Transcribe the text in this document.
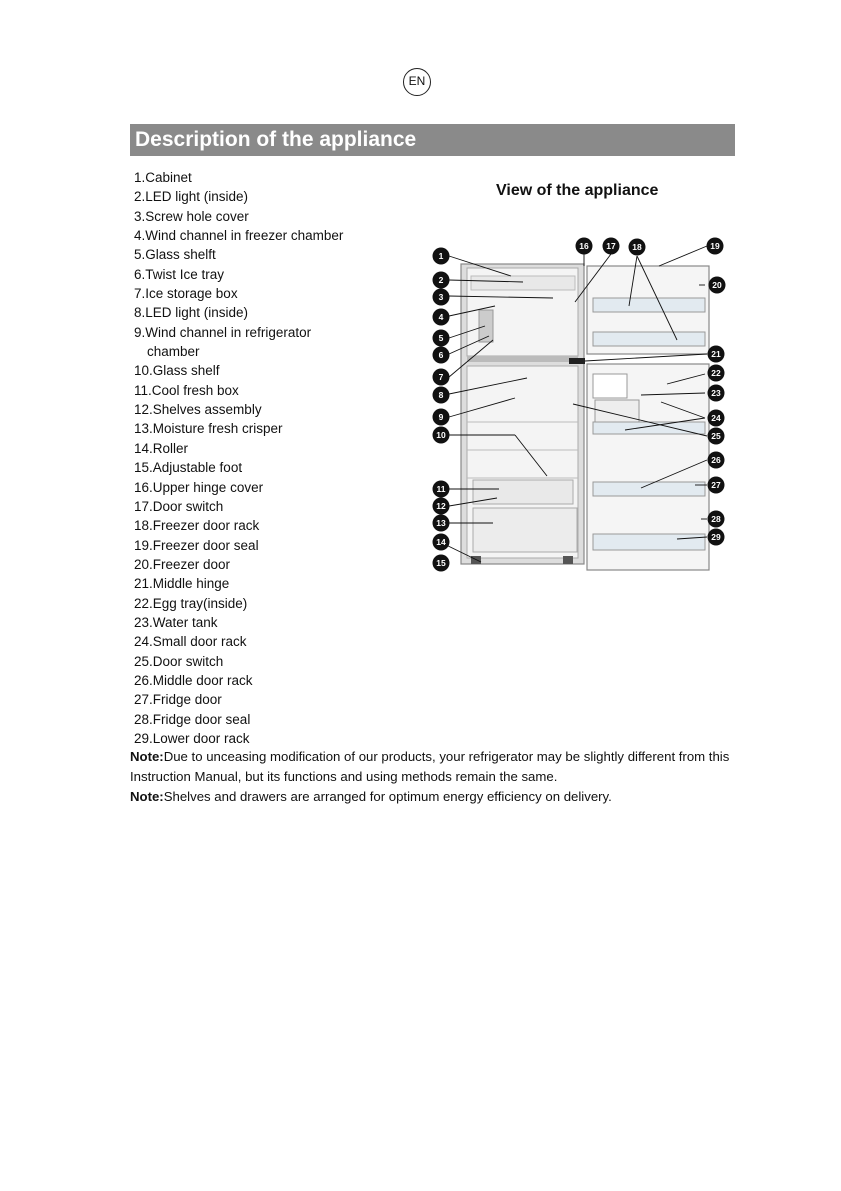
EN
Description of the appliance
1.Cabinet
2.LED light (inside)
3.Screw hole cover
4.Wind channel in freezer chamber
5.Glass shelft
6.Twist Ice tray
7.Ice storage box
8.LED light (inside)
9.Wind channel in refrigerator
chamber
10.Glass shelf
11.Cool fresh box
12.Shelves assembly
13.Moisture fresh crisper
14.Roller
15.Adjustable foot
16.Upper hinge cover
17.Door switch
18.Freezer door rack
19.Freezer door seal
20.Freezer door
21.Middle hinge
22.Egg tray(inside)
23.Water tank
24.Small door rack
25.Door switch
26.Middle door rack
27.Fridge door
28.Fridge door seal
29.Lower door rack
View of the appliance
1
2
3
4
5
6
7
8
9
10
11
12
13
14
15
16 17 18	19
20
21
22
23
24
25
26
27
28
29

Note:Due to unceasing modification of our products, your refrigerator may be slightly different from this Instruction Manual, but its functions and using methods remain the same.

Note:Shelves and drawers are arranged for optimum energy efficiency on delivery.
